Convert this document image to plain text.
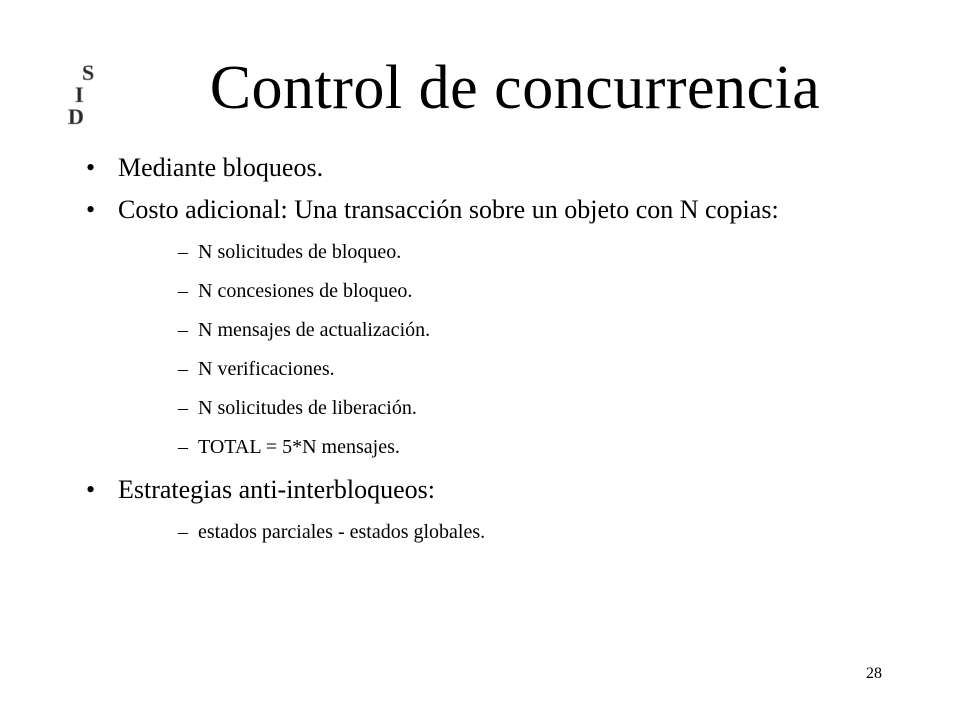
S
I
D	Control de concurrencia
• Mediante bloqueos.
• Costo adicional: Una transacción sobre un objeto con N copias:
– N solicitudes de bloqueo.
– N concesiones de bloqueo.
– N mensajes de actualización.
– N verificaciones.
– N solicitudes de liberación.
– TOTAL = 5*N mensajes.
• Estrategias anti-interbloqueos:
– estados parciales - estados globales.
28
